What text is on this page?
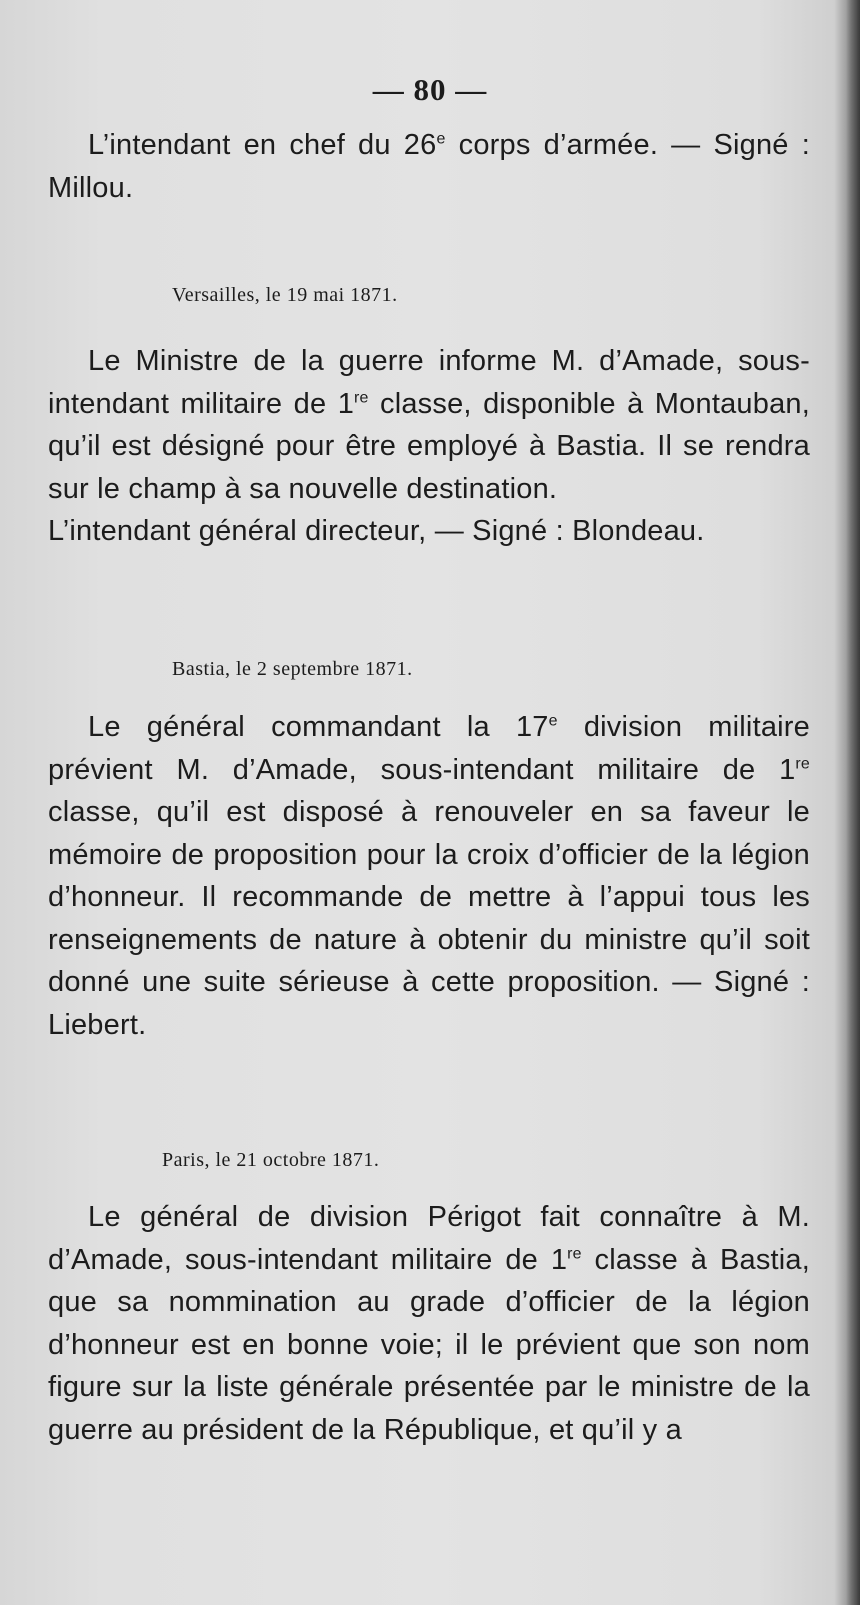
— 80 —
L’intendant en chef du 26e corps d’armée. — Signé : Millou.
Versailles, le 19 mai 1871.
Le Ministre de la guerre informe M. d’Amade, sous-intendant militaire de 1re classe, disponible à Montauban, qu’il est désigné pour être employé à Bastia. Il se rendra sur le champ à sa nouvelle destination.
L’intendant général directeur, — Signé : Blondeau.
Bastia, le 2 septembre 1871.
Le général commandant la 17e division militaire prévient M. d’Amade, sous-intendant militaire de 1re classe, qu’il est disposé à renouveler en sa faveur le mémoire de proposition pour la croix d’officier de la légion d’honneur. Il recommande de mettre à l’appui tous les renseignements de nature à obtenir du ministre qu’il soit donné une suite sérieuse à cette proposition. — Signé : Liebert.
Paris, le 21 octobre 1871.
Le général de division Périgot fait connaître à M. d’Amade, sous-intendant militaire de 1re classe à Bastia, que sa nommination au grade d’officier de la légion d’honneur est en bonne voie; il le prévient que son nom figure sur la liste générale présentée par le ministre de la guerre au président de la République, et qu’il y a
